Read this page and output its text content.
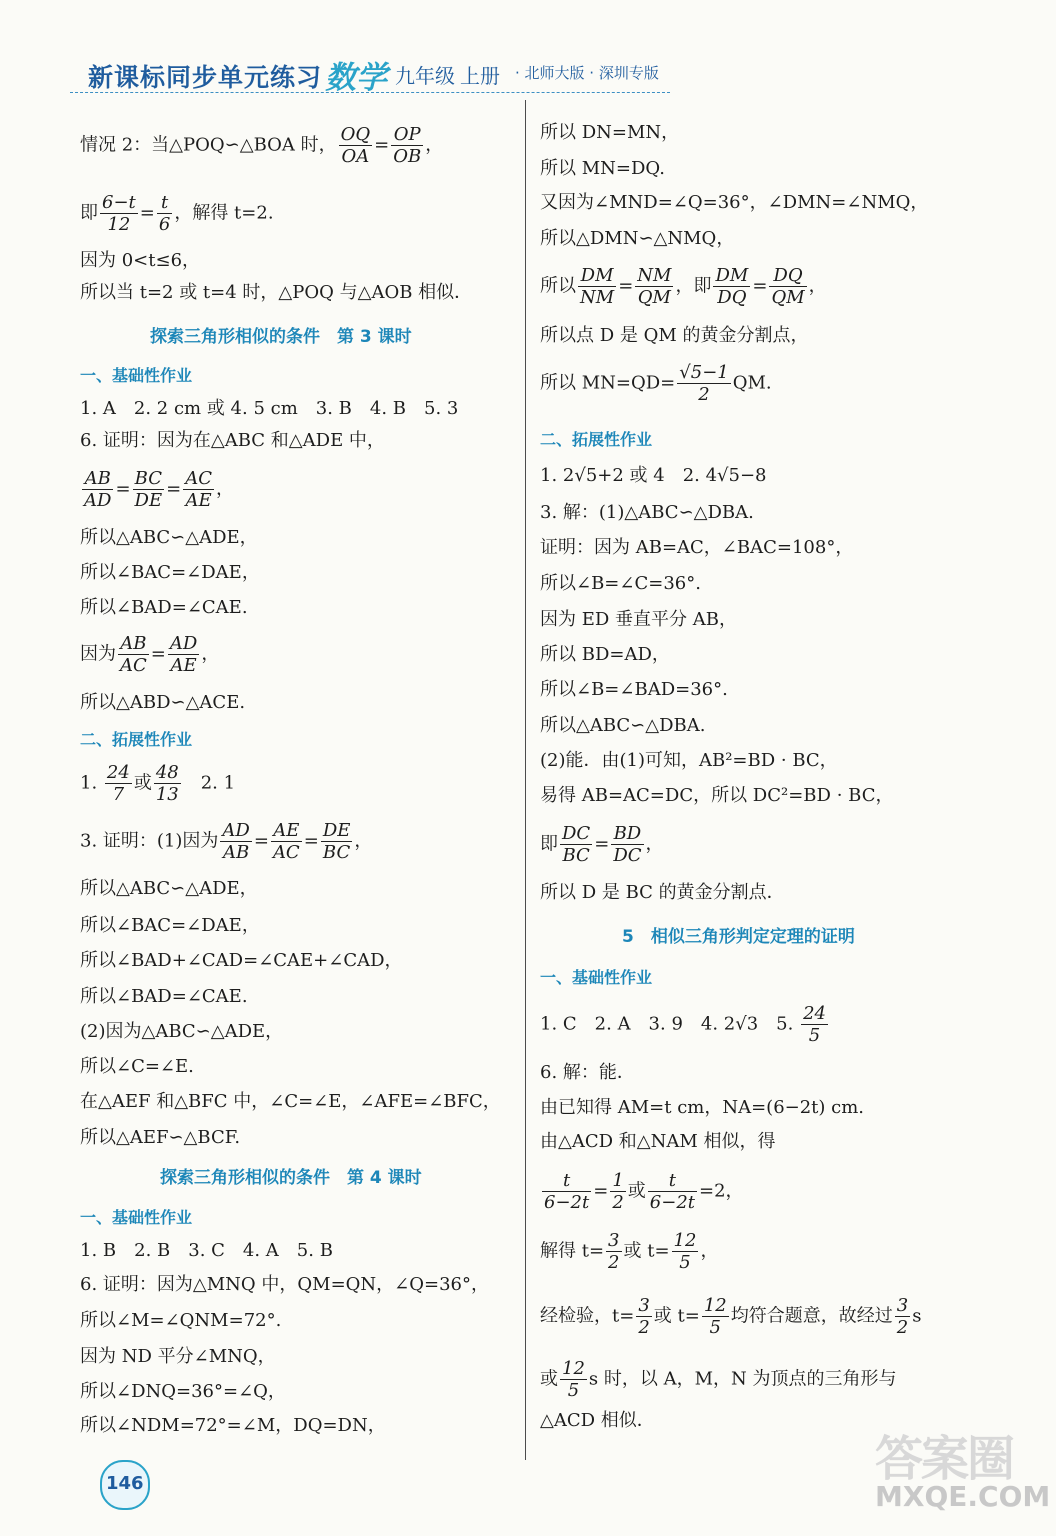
新课标同步单元练习 数学 九年级 上册 · 北师大版 · 深圳专版
情况 2：当△POQ∽△BOA 时， $\frac{OQ}{OA} = \frac{OP}{OB}$ ，
即 $\frac{6-t}{12} = \frac{t}{6}$ ，解得 t=2.
因为 0<t≤6，
所以当 t=2 或 t=4 时，△POQ 与△AOB 相似．
探索三角形相似的条件　第 3 课时
一、基础性作业
1. A　2. 2 cm 或 4. 5 cm　3. B　4. B　5. 3
6. 证明：因为在△ABC 和△ADE 中，
$\frac{AB}{AD} = \frac{BC}{DE} = \frac{AC}{AE}$ ，
所以△ABC∽△ADE，
所以∠BAC=∠DAE，
所以∠BAD=∠CAE.
因为 $\frac{AB}{AC} = \frac{AD}{AE}$ ，
所以△ABD∽△ACE.
二、拓展性作业
1. $\frac{24}{7}$ 或 $\frac{48}{13}$ 　2. 1
3. 证明：(1)因为 $\frac{AD}{AB} = \frac{AE}{AC} = \frac{DE}{BC}$ ，
所以△ABC∽△ADE，
所以∠BAC=∠DAE，
所以∠BAD+∠CAD=∠CAE+∠CAD，
所以∠BAD=∠CAE.
(2)因为△ABC∽△ADE，
所以∠C=∠E.
在△AEF 和△BFC 中，∠C=∠E，∠AFE=∠BFC，
所以△AEF∽△BCF.
探索三角形相似的条件　第 4 课时
一、基础性作业
1. B　2. B　3. C　4. A　5. B
6. 证明：因为△MNQ 中，QM=QN，∠Q=36°，
所以∠M=∠QNM=72°.
因为 ND 平分∠MNQ，
所以∠DNQ=36°=∠Q，
所以∠NDM=72°=∠M，DQ=DN，
所以 DN=MN，
所以 MN=DQ.
又因为∠MND=∠Q=36°，∠DMN=∠NMQ，
所以△DMN∽△NMQ，
所以 $\frac{DM}{NM} = \frac{NM}{QM}$ ，即 $\frac{DM}{DQ} = \frac{DQ}{QM}$ ，
所以点 D 是 QM 的黄金分割点，
所以 $MN=QD= \frac{√5-1}{2}$ QM.
二、拓展性作业
1. 2√5+2 或 4　2. 4√5−8
3. 解：(1)△ABC∽△DBA.
证明：因为 AB=AC，∠BAC=108°，
所以∠B=∠C=36°.
因为 ED 垂直平分 AB，
所以 BD=AD，
所以∠B=∠BAD=36°.
所以△ABC∽△DBA.
(2)能．由(1)可知，AB²=BD · BC，
易得 AB=AC=DC，所以 DC²=BD · BC，
即 $\frac{DC}{BC} = \frac{BD}{DC}$ ，
所以 D 是 BC 的黄金分割点．
5　相似三角形判定定理的证明
一、基础性作业
1. C　2. A　3. 9　4. 2√3　5. $\frac{24}{5}$
6. 解：能．
由已知得 AM=t cm，NA=(6−2t) cm.
由△ACD 和△NAM 相似，得
$\frac{t}{6-2t} = \frac{1}{2}$ 或 $\frac{t}{6-2t} =2$，
解得 $t= \frac{3}{2}$ 或 $t= \frac{12}{5}$ ，
经检验，$t= \frac{3}{2}$ 或 $t= \frac{12}{5}$ 均符合题意，故经过 $\frac{3}{2}$ s
或 $\frac{12}{5}$ s 时，以 A，M，N 为顶点的三角形与
△ACD 相似．
146	答案圈
MXQE.COM
